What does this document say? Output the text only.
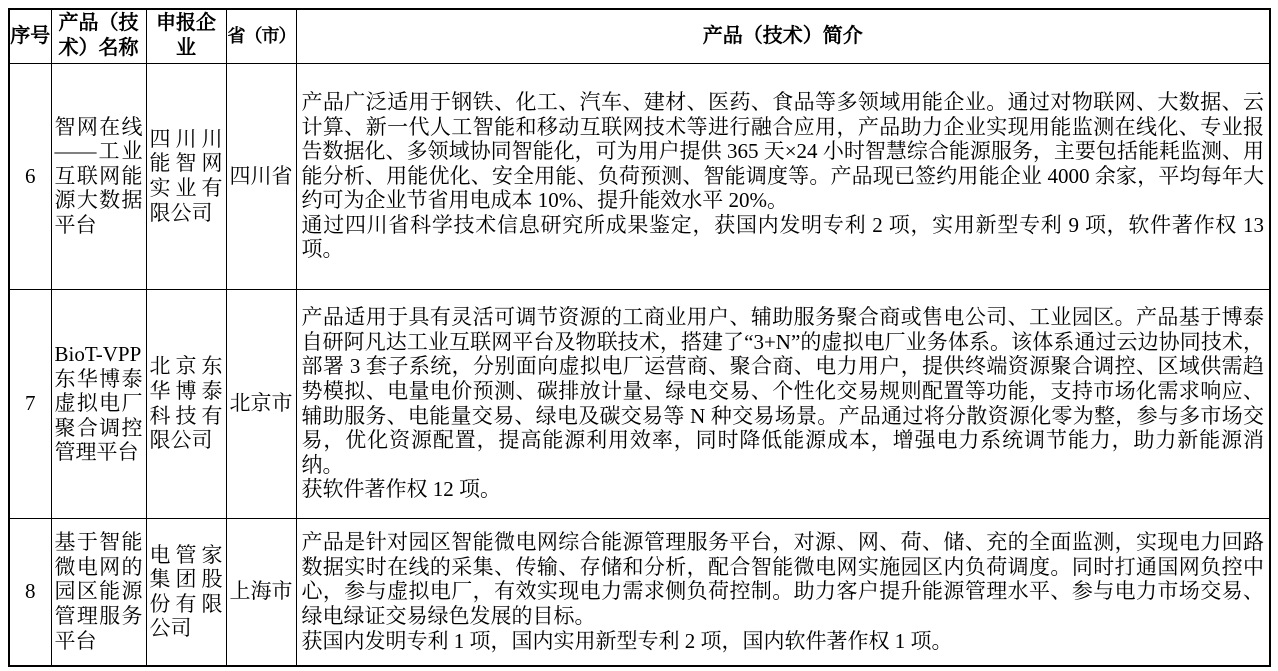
序号	产品（技术）名称	申报企业	省（市）	产品（技术）简介
6	智网在线——工业互联网能源大数据平台	四川川能智网实业有限公司	四川省	产品广泛适用于钢铁、化工、汽车、建材、医药、食品等多领域用能企业。通过对物联网、大数据、云计算、新一代人工智能和移动互联网技术等进行融合应用，产品助力企业实现用能监测在线化、专业报告数据化、多领域协同智能化，可为用户提供 365 天×24 小时智慧综合能源服务，主要包括能耗监测、用能分析、用能优化、安全用能、负荷预测、智能调度等。产品现已签约用能企业 4000 余家，平均每年大约可为企业节省用电成本 10%、提升能效水平 20%。
通过四川省科学技术信息研究所成果鉴定，获国内发明专利 2 项，实用新型专利 9 项，软件著作权 13 项。

7	BioT-VPP东华博泰虚拟电厂聚合调控管理平台	北京东华博泰科技有限公司	北京市	产品适用于具有灵活可调节资源的工商业用户、辅助服务聚合商或售电公司、工业园区。产品基于博泰自研阿凡达工业互联网平台及物联技术，搭建了“3+N”的虚拟电厂业务体系。该体系通过云边协同技术，部署 3 套子系统，分别面向虚拟电厂运营商、聚合商、电力用户，提供终端资源聚合调控、区域供需趋势模拟、电量电价预测、碳排放计量、绿电交易、个性化交易规则配置等功能，支持市场化需求响应、辅助服务、电能量交易、绿电及碳交易等 N 种交易场景。产品通过将分散资源化零为整，参与多市场交易，优化资源配置，提高能源利用效率，同时降低能源成本，增强电力系统调节能力，助力新能源消纳。
获软件著作权 12 项。

8	基于智能微电网的园区能源管理服务平台	电管家集团股份有限公司	上海市	产品是针对园区智能微电网综合能源管理服务平台，对源、网、荷、储、充的全面监测，实现电力回路数据实时在线的采集、传输、存储和分析，配合智能微电网实施园区内负荷调度。同时打通国网负控中心，参与虚拟电厂，有效实现电力需求侧负荷控制。助力客户提升能源管理水平、参与电力市场交易、绿电绿证交易绿色发展的目标。
获国内发明专利 1 项，国内实用新型专利 2 项，国内软件著作权 1 项。
